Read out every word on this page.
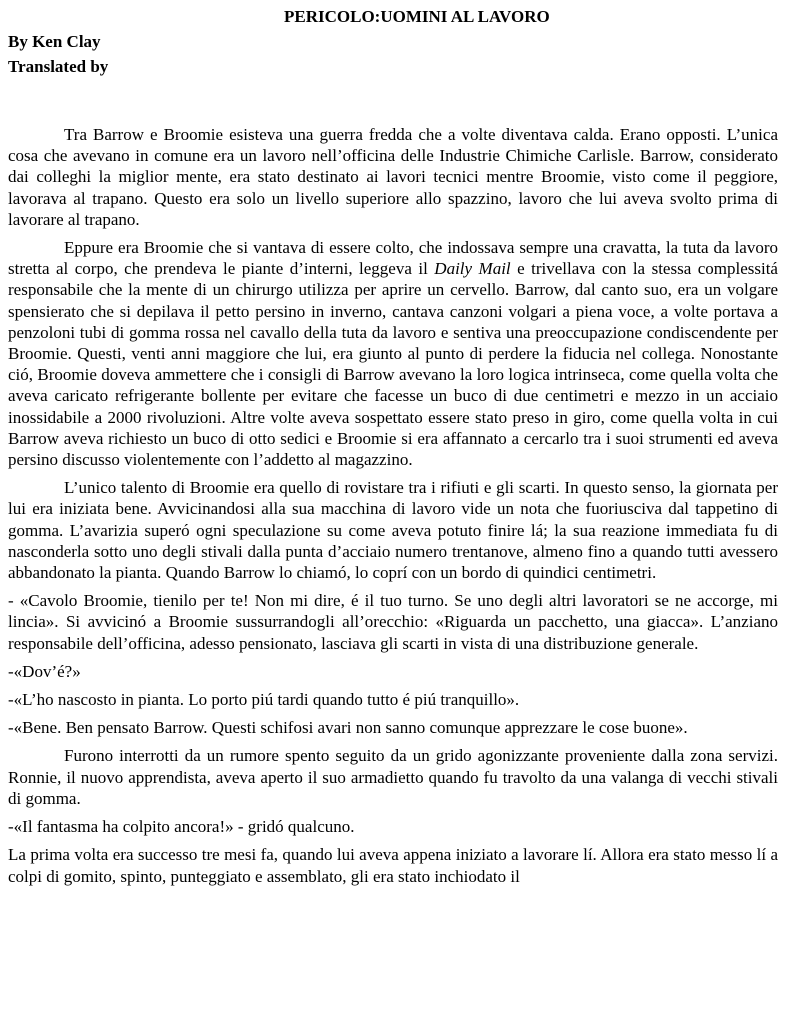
PERICOLO:UOMINI AL LAVORO
By Ken Clay
Translated by

Tra Barrow e Broomie esisteva una guerra fredda che a volte diventava calda. Erano opposti. L’unica cosa che avevano in comune era un lavoro nell’officina delle Industrie Chimiche Carlisle. Barrow, considerato dai colleghi la miglior mente, era stato destinato ai lavori tecnici mentre Broomie, visto come il peggiore, lavorava al trapano. Questo era solo un livello superiore allo spazzino, lavoro che lui aveva svolto prima di lavorare al trapano.

Eppure era Broomie che si vantava di essere colto, che indossava sempre una cravatta, la tuta da lavoro stretta al corpo, che prendeva le piante d’interni, leggeva il Daily Mail e trivellava con la stessa complessitá responsabile che la mente di un chirurgo utilizza per aprire un cervello. Barrow, dal canto suo, era un volgare spensierato che si depilava il petto persino in inverno, cantava canzoni volgari a piena voce, a volte portava a penzoloni tubi di gomma rossa nel cavallo della tuta da lavoro e sentiva una preoccupazione condiscendente per Broomie. Questi, venti anni maggiore che lui, era giunto al punto di perdere la fiducia nel collega. Nonostante ció, Broomie doveva ammettere che i consigli di Barrow avevano la loro logica intrinseca, come quella volta che aveva caricato refrigerante bollente per evitare che facesse un buco di due centimetri e mezzo in un acciaio inossidabile a 2000 rivoluzioni. Altre volte aveva sospettato essere stato preso in giro, come quella volta in cui Barrow aveva richiesto un buco di otto sedici e Broomie si era affannato a cercarlo tra i suoi strumenti ed aveva persino discusso violentemente con l’addetto al magazzino.

L’unico talento di Broomie era quello di rovistare tra i rifiuti e gli scarti. In questo senso, la giornata per lui era iniziata bene. Avvicinandosi alla sua macchina di lavoro vide un nota che fuoriusciva dal tappetino di gomma. L’avarizia superó ogni speculazione su come aveva potuto finire lá; la sua reazione immediata fu di nasconderla sotto uno degli stivali dalla punta d’acciaio numero trentanove, almeno fino a quando tutti avessero abbandonato la pianta. Quando Barrow lo chiamó, lo coprí con un bordo di quindici centimetri.

- «Cavolo Broomie, tienilo per te! Non mi dire, é il tuo turno. Se uno degli altri lavoratori se ne accorge, mi lincia». Si avvicinó a Broomie sussurrandogli all’orecchio: «Riguarda un pacchetto, una giacca». L’anziano responsabile dell’officina, adesso pensionato, lasciava gli scarti in vista di una distribuzione generale.

-«Dov’é?»

-«L’ho nascosto in pianta. Lo porto piú tardi quando tutto é piú tranquillo».

-«Bene. Ben pensato Barrow. Questi schifosi avari non sanno comunque apprezzare le cose buone».

Furono interrotti da un rumore spento seguito da un grido agonizzante proveniente dalla zona servizi. Ronnie, il nuovo apprendista, aveva aperto il suo armadietto quando fu travolto da una valanga di vecchi stivali di gomma.

-«Il fantasma ha colpito ancora!» - gridó qualcuno.

La prima volta era successo tre mesi fa, quando lui aveva appena iniziato a lavorare lí. Allora era stato messo lí a colpi di gomito, spinto, punteggiato e assemblato, gli era stato inchiodato il
